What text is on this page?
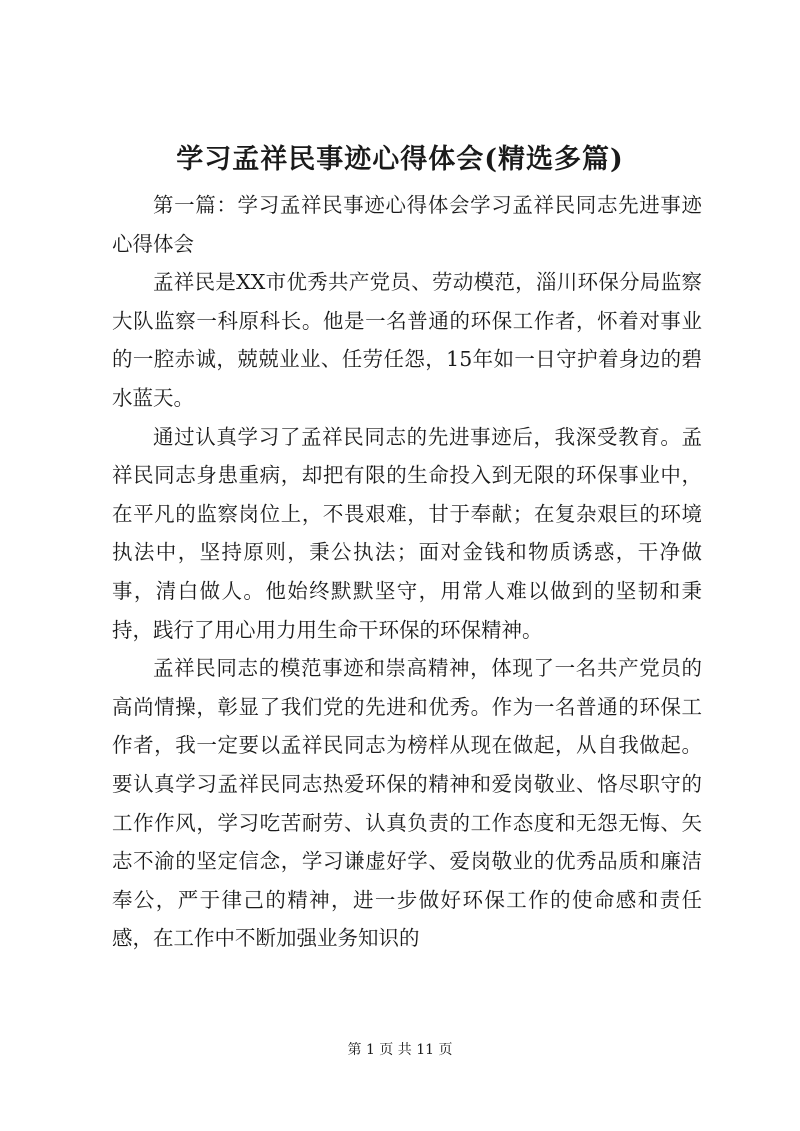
学习孟祥民事迹心得体会(精选多篇)

第一篇：学习孟祥民事迹心得体会学习孟祥民同志先进事迹心得体会

孟祥民是XX市优秀共产党员、劳动模范，淄川环保分局监察大队监察一科原科长。他是一名普通的环保工作者，怀着对事业的一腔赤诚，兢兢业业、任劳任怨，15年如一日守护着身边的碧水蓝天。

通过认真学习了孟祥民同志的先进事迹后，我深受教育。孟祥民同志身患重病，却把有限的生命投入到无限的环保事业中，在平凡的监察岗位上，不畏艰难，甘于奉献；在复杂艰巨的环境执法中，坚持原则，秉公执法；面对金钱和物质诱惑，干净做事，清白做人。他始终默默坚守，用常人难以做到的坚韧和秉持，践行了用心用力用生命干环保的环保精神。

孟祥民同志的模范事迹和崇高精神，体现了一名共产党员的高尚情操，彰显了我们党的先进和优秀。作为一名普通的环保工作者，我一定要以孟祥民同志为榜样从现在做起，从自我做起。要认真学习孟祥民同志热爱环保的精神和爱岗敬业、恪尽职守的工作作风，学习吃苦耐劳、认真负责的工作态度和无怨无悔、矢志不渝的坚定信念，学习谦虚好学、爱岗敬业的优秀品质和廉洁奉公，严于律己的精神，进一步做好环保工作的使命感和责任感，在工作中不断加强业务知识的

第 1 页 共 11 页
